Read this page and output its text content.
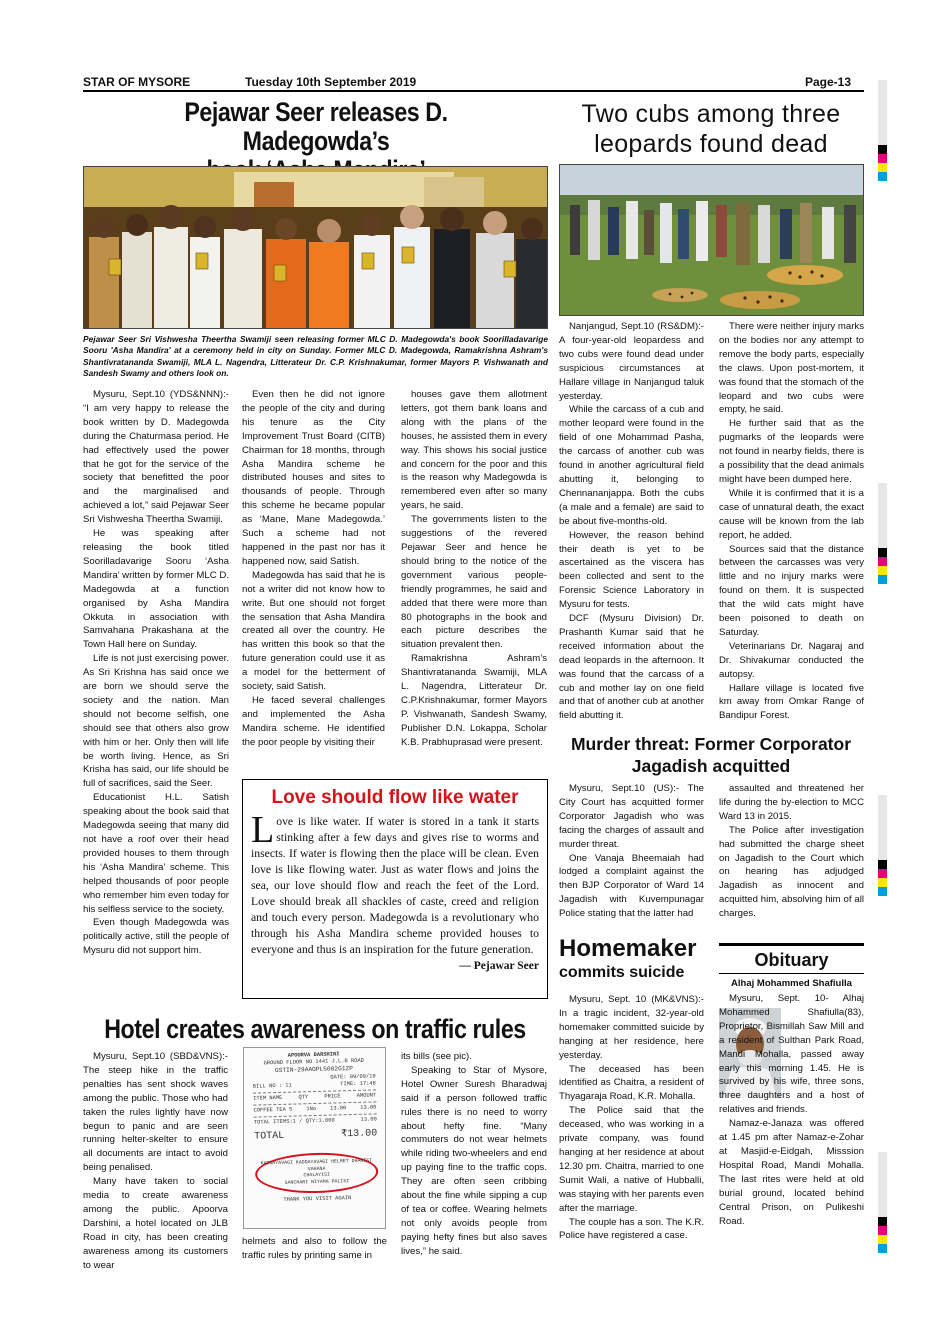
STAR OF MYSORE	Tuesday 10th September 2019	Page-13
Pejawar Seer releases D. Madegowda’s
Pejawar Seer Sri Vishwesha Theertha Swamiji seen releasing former MLC D. Madegowda's book Soorilladavarige Sooru 'Asha Mandira' at a ceremony held in city on Sunday. Former MLC D. Madegowda, Ramakrishna Ashram's Shantivratananda Swamiji, MLA L. Nagendra, Litterateur Dr. C.P. Krishnakumar, former Mayors P. Vishwanath and Sandesh Swamy and others look on.

Mysuru, Sept.10 (YDS&NNN):- “I am very happy to release the book written by D. Madegowda during the Chaturmasa period. He had effectively used the power that he got for the service of the society that benefitted the poor and the marginalised and achieved a lot,” said Pejawar Seer Sri Vishwesha Theertha Swamiji.

He was speaking after releasing the book titled Soorilladavarige Sooru ‘Asha Mandira’ written by former MLC D. Madegowda at a function organised by Asha Mandira Okkuta in association with Samvahana Prakashana at the Town Hall here on Sunday.

Life is not just exercising power. As Sri Krishna has said once we are born we should serve the society and the nation. Man should not become selfish, one should see that others also grow with him or her. Only then will life be worth living. Hence, as Sri Krisha has said, our life should be full of sacrifices, said the Seer.

Educationist H.L. Satish speaking about the book said that Madegowda seeing that many did not have a roof over their head provided houses to them through his ‘Asha Mandira’ scheme. This helped thousands of poor people who remember him even today for his selfless service to the society.

Even though Madegowda was politically active, still the people of Mysuru did not support him.

Even then he did not ignore the people of the city and during his tenure as the City Improvement Trust Board (CITB) Chairman for 18 months, through Asha Mandira scheme he distributed houses and sites to thousands of people. Through this scheme he became popular as ‘Mane, Mane Madegowda.’ Such a scheme had not happened in the past nor has it happened now, said Satish.

Madegowda has said that he is not a writer did not know how to write. But one should not forget the sensation that Asha Mandira created all over the country. He has written this book so that the future generation could use it as a model for the betterment of society, said Satish.

He faced several challenges and implemented the Asha Mandira scheme. He identified the poor people by visiting their

houses gave them allotment letters, got them bank loans and along with the plans of the houses, he assisted them in every way. This shows his social justice and concern for the poor and this is the reason why Madegowda is remembered even after so many years, he said.

The governments listen to the suggestions of the revered Pejawar Seer and hence he should bring to the notice of the government various people-friendly programmes, he said and added that there were more than 80 photographs in the book and each picture describes the situation prevalent then.

Ramakrishna Ashram’s Shantivratananda Swamiji, MLA L. Nagendra, Litterateur Dr. C.P.Krishnakumar, former Mayors P. Vishwanath, Sandesh Swamy, Publisher D.N. Lokappa, Scholar K.B. Prabhuprasad were present.

Love should flow like water
L ove is like water. If water is stored in a tank it starts stinking after a few days and gives rise to worms and insects. If water is flowing then the place will be clean. Even love is like flowing water. Just as water flows and joins the sea, our love should flow and reach the feet of the Lord. Love should break all shackles of caste, creed and religion and touch every person. Madegowda is a revolutionary who through his Asha Mandira scheme provided houses to everyone and thus is an inspiration for the future generation.
— Pejawar Seer
Two cubs among three
leopards found dead

Nanjangud, Sept.10 (RS&DM):- A four-year-old leopardess and two cubs were found dead under suspicious circumstances at Hallare village in Nanjangud taluk yesterday.

While the carcass of a cub and mother leopard were found in the field of one Mohammad Pasha, the carcass of another cub was found in another agricultural field abutting it, belonging to Chennananjappa. Both the cubs (a male and a female) are said to be about five-months-old.

However, the reason behind their death is yet to be ascertained as the viscera has been collected and sent to the Forensic Science Laboratory in Mysuru for tests.

DCF (Mysuru Division) Dr. Prashanth Kumar said that he received information about the dead leopards in the afternoon. It was found that the carcass of a cub and mother lay on one field and that of another cub at another field abutting it.

There were neither injury marks on the bodies nor any attempt to remove the body parts, especially the claws. Upon post-mortem, it was found that the stomach of the leopard and two cubs were empty, he said.

He further said that as the pugmarks of the leopards were not found in nearby fields, there is a possibility that the dead animals might have been dumped here.

While it is confirmed that it is a case of unnatural death, the exact cause will be known from the lab report, he added.

Sources said that the distance between the carcasses was very little and no injury marks were found on them. It is suspected that the wild cats might have been poisoned to death on Saturday.

Veterinarians Dr. Nagaraj and Dr. Shivakumar conducted the autopsy.

Hallare village is located five km away from Omkar Range of Bandipur Forest.

Murder threat: Former Corporator
Jagadish acquitted

Mysuru, Sept.10 (US):- The City Court has acquitted former Corporator Jagadish who was facing the charges of assault and murder threat.

One Vanaja Bheemaiah had lodged a complaint against the then BJP Corporator of Ward 14 Jagadish with Kuvempunagar Police stating that the latter had

assaulted and threatened her life during the by-election to MCC Ward 13 in 2015.

The Police after investigation had submitted the charge sheet on Jagadish to the Court which on hearing has adjudged Jagadish as innocent and acquitted him, absolving him of all charges.

Homemaker
commits suicide

Mysuru, Sept. 10 (MK&VNS):- In a tragic incident, 32-year-old homemaker committed suicide by hanging at her residence, here yesterday.

The deceased has been identified as Chaitra, a resident of Thyagaraja Road, K.R. Mohalla.

The Police said that the deceased, who was working in a private company, was found hanging at her residence at about 12.30 pm. Chaitra, married to one Sumit Wali, a native of Hubballi, was staying with her parents even after the marriage.

The couple has a son. The K.R. Police have registered a case.

Obituary
Alhaj Mohammed Shafiulla

Mysuru, Sept. 10- Alhaj Mohammed Shafiulla(83), Proprietor, Bismillah Saw Mill and a resident of Sulthan Park Road, Mandi Mohalla, passed away early this morning 1.45. He is survived by his wife, three sons, three daughters and a host of relatives and friends.

Namaz-e-Janaza was offered at 1.45 pm after Namaz-e-Zohar at Masjid-e-Eidgah, Misssion Hospital Road, Mandi Mohalla. The last rites were held at old burial ground, located behind Central Prison, on Pulikeshi Road.

Hotel creates awareness on traffic rules

Mysuru, Sept.10 (SBD&VNS):- The steep hike in the traffic penalties has sent shock waves among the public. Those who had taken the rules lightly have now begun to panic and are seen running helter-skelter to ensure all documents are intact to avoid being penalised.

Many have taken to social media to create awareness among the public. Apoorva Darshini, a hotel located on JLB Road in city, has been creating awareness among its customers to wear

APOORVA DARSHINI
GROUND FLOOR NO 1441 J.L.B ROAD
GSTIN-29AAOPL5002G1ZP
DATE: 09/09/19
BILL NO : 11	TIME: 17:48
ITEM NAME	QTY	PRICE	AMOUNT
COFFEE TEA 5	1No	13.00	13.00
TOTAL ITEMS:1 / QTY:1.000	13.00
TOTAL	₹13.00
KADDAYAVAGI KADDAYAVAGI HELMET DHARISI VAHANA
CHALAYISI
SANCHARI NIYAMA PALISI
THANK YOU VISIT AGAIN

helmets and also to follow the traffic rules by printing same in

its bills (see pic).

Speaking to Star of Mysore, Hotel Owner Suresh Bharadwaj said if a person followed traffic rules there is no need to worry about hefty fine. “Many commuters do not wear helmets while riding two-wheelers and end up paying fine to the traffic cops. They are often seen cribbing about the fine while sipping a cup of tea or coffee. Wearing helmets not only avoids people from paying hefty fines but also saves lives,” he said.
